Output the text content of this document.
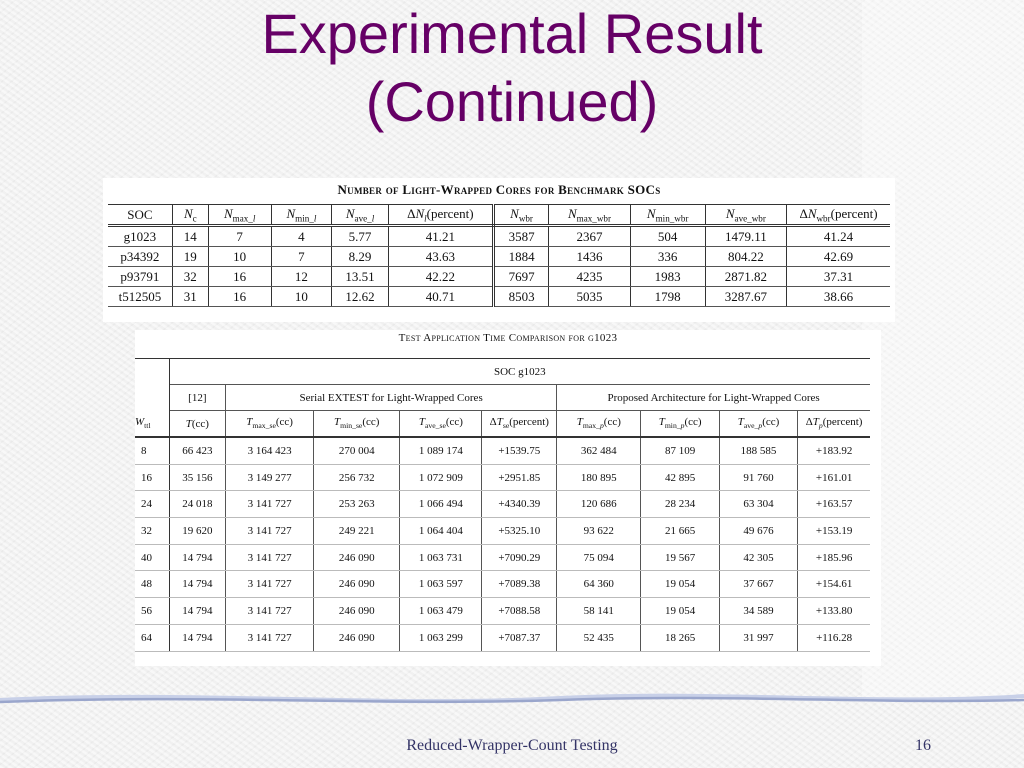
Experimental Result
(Continued)
Number of Light-Wrapped Cores for Benchmark SOCs
SOC	$N_c$	$N_{max\_l}$	$N_{min\_l}$	$N_{ave\_l}$	$\Delta N_l(percent)$	$N_{wbr}$	$N_{max\_wbr}$	$N_{min\_wbr}$	$N_{ave\_wbr}$	$\Delta N_{wbr}(percent)$
g1023	14	7	4	5.77	41.21	3587	2367	504	1479.11	41.24
p34392	19	10	7	8.29	43.63	1884	1436	336	804.22	42.69
p93791	32	16	12	13.51	42.22	7697	4235	1983	2871.82	37.31
t512505	31	16	10	12.62	40.71	8503	5035	1798	3287.67	38.66
Test Application Time Comparison for g1023
	SOC g1023								
	[12]	Serial EXTEST for Light-Wrapped Cores				Proposed Architecture for Light-Wrapped Cores			
$W_{ttl}$	T(cc)	$T_{max\_se}(cc)$	$T_{min\_se}(cc)$	$T_{ave\_se}(cc)$	$\Delta T_{se}(percent)$	$T_{max\_p}(cc)$	$T_{min\_p}(cc)$	$T_{ave\_p}(cc)$	$\Delta T_p(percent)$
8	66 423	3 164 423	270 004	1 089 174	+1539.75	362 484	87 109	188 585	+183.92
16	35 156	3 149 277	256 732	1 072 909	+2951.85	180 895	42 895	91 760	+161.01
24	24 018	3 141 727	253 263	1 066 494	+4340.39	120 686	28 234	63 304	+163.57
32	19 620	3 141 727	249 221	1 064 404	+5325.10	93 622	21 665	49 676	+153.19
40	14 794	3 141 727	246 090	1 063 731	+7090.29	75 094	19 567	42 305	+185.96
48	14 794	3 141 727	246 090	1 063 597	+7089.38	64 360	19 054	37 667	+154.61
56	14 794	3 141 727	246 090	1 063 479	+7088.58	58 141	19 054	34 589	+133.80
64	14 794	3 141 727	246 090	1 063 299	+7087.37	52 435	18 265	31 997	+116.28
Reduced-Wrapper-Count Testing	16
